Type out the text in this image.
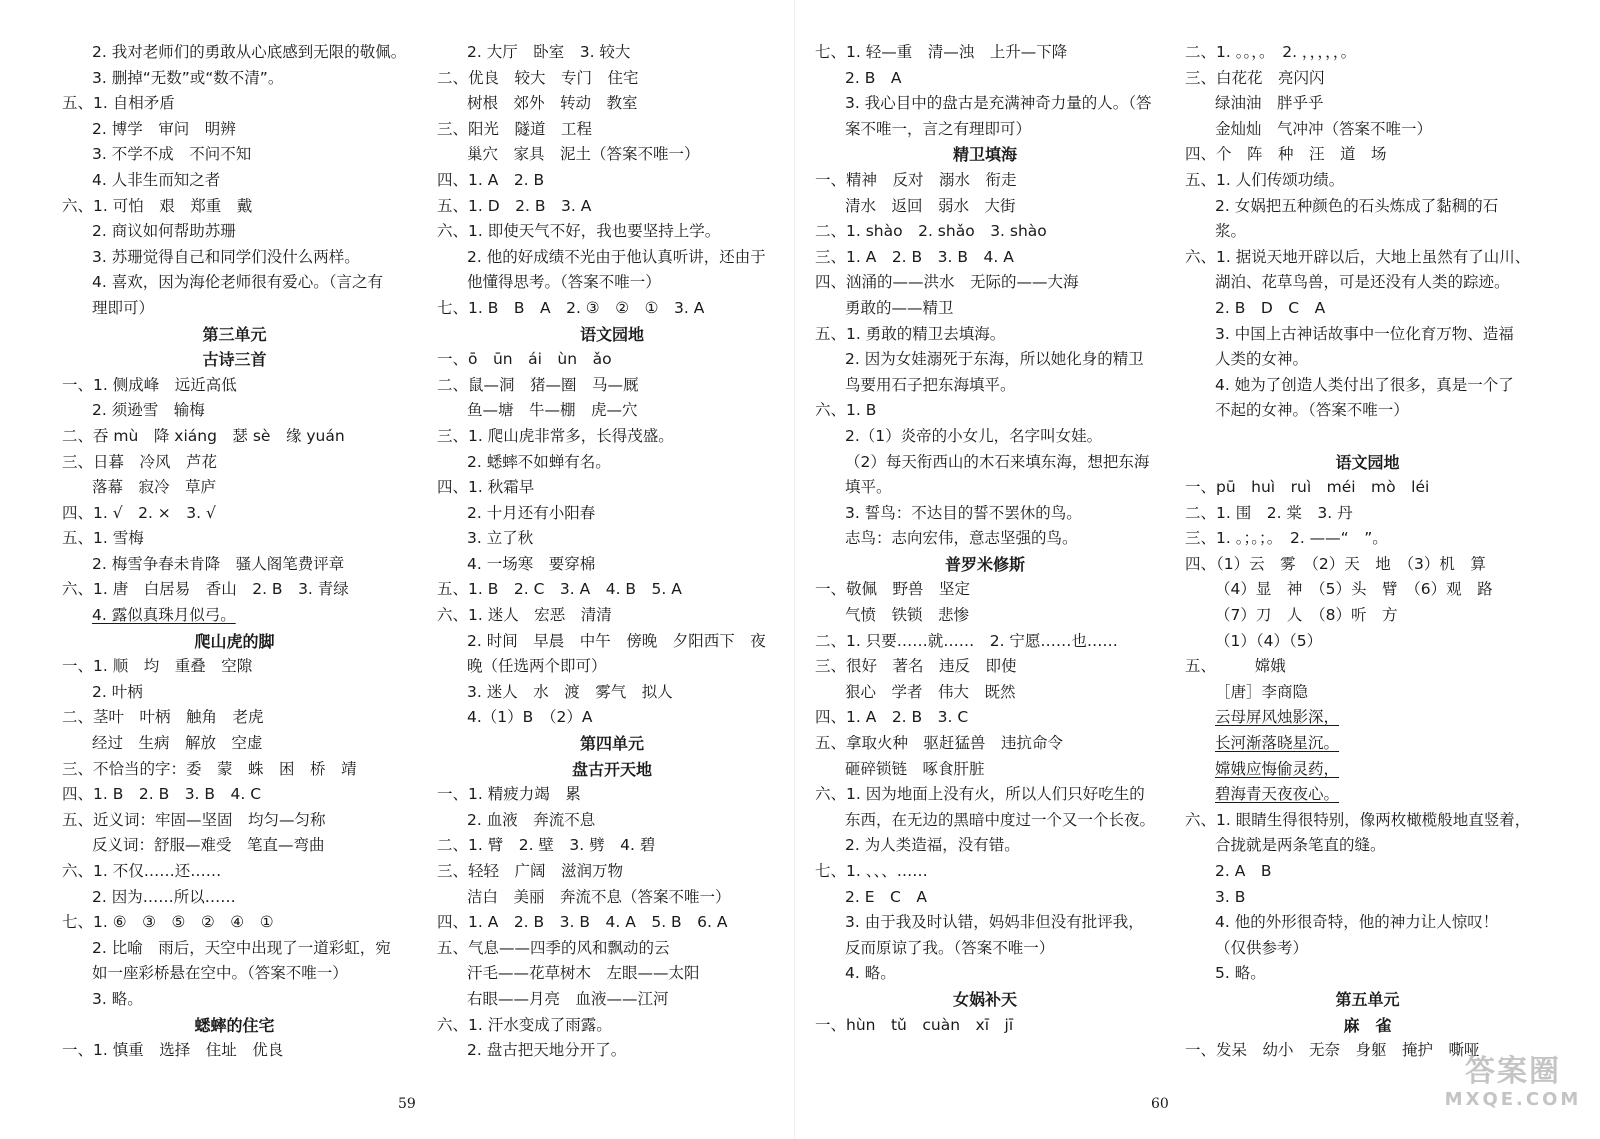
2. 我对老师们的勇敢从心底感到无限的敬佩。
3. 删掉“无数”或“数不清”。
五、1. 自相矛盾
2. 博学　审问　明辨
3. 不学不成　不问不知
4. 人非生而知之者
六、1. 可怕　艰　郑重　戴
2. 商议如何帮助苏珊
3. 苏珊觉得自己和同学们没什么两样。
4. 喜欢，因为海伦老师很有爱心。（言之有
理即可）
第三单元
古诗三首
一、1. 侧成峰　远近高低
2. 须逊雪　输梅
二、吞 mù　降 xiáng　瑟 sè　缘 yuán
三、日暮　冷风　芦花
落幕　寂冷　草庐
四、1. √　2. ×　3. √
五、1. 雪梅
2. 梅雪争春未肯降　骚人阁笔费评章
六、1. 唐　白居易　香山　2. B　3. 青绿
4. 露似真珠月似弓。
爬山虎的脚
一、1. 顺　均　重叠　空隙
2. 叶柄
二、茎叶　叶柄　触角　老虎
经过　生病　解放　空虚
三、不恰当的字：委　蒙　蛛　困　桥　靖
四、1. B　2. B　3. B　4. C
五、近义词：牢固—坚固　均匀—匀称
反义词：舒服—难受　笔直—弯曲
六、1. 不仅……还……
2. 因为……所以……
七、1. ⑥　③　⑤　②　④　①
2. 比喻　雨后，天空中出现了一道彩虹，宛
如一座彩桥悬在空中。（答案不唯一）
3. 略。
蟋蟀的住宅
一、1. 慎重　选择　住址　优良
2. 大厅　卧室　3. 较大
二、优良　较大　专门　住宅
树根　郊外　转动　教室
三、阳光　隧道　工程
巢穴　家具　泥土（答案不唯一）
四、1. A　2. B
五、1. D　2. B　3. A
六、1. 即使天气不好，我也要坚持上学。
2. 他的好成绩不光由于他认真听讲，还由于
他懂得思考。（答案不唯一）
七、1. B　B　A　2. ③　②　①　3. A
语文园地
一、ō　ūn　ái　ùn　ǎo
二、鼠—洞　猪—圈　马—厩
鱼—塘　牛—棚　虎—穴
三、1. 爬山虎非常多，长得茂盛。
2. 蟋蟀不如蝉有名。
四、1. 秋霜早
2. 十月还有小阳春
3. 立了秋
4. 一场寒　要穿棉
五、1. B　2. C　3. A　4. B　5. A
六、1. 迷人　宏恶　清清
2. 时间　早晨　中午　傍晚　夕阳西下　夜
晚（任选两个即可）
3. 迷人　水　渡　雾气　拟人
4.（1）B　（2）A
第四单元
盘古开天地
一、1. 精疲力竭　累
2. 血液　奔流不息
二、1. 臂　2. 壁　3. 劈　4. 碧
三、轻轻　广阔　滋润万物
洁白　美丽　奔流不息（答案不唯一）
四、1. A　2. B　3. B　4. A　5. B　6. A
五、气息——四季的风和飘动的云
汗毛——花草树木　左眼——太阳
右眼——月亮　血液——江河
六、1. 汗水变成了雨露。
2. 盘古把天地分开了。
59
七、1. 轻—重　清—浊　上升—下降
2. B　A
3. 我心目中的盘古是充满神奇力量的人。（答
案不唯一，言之有理即可）
精卫填海
一、精神　反对　溺水　衔走
清水　返回　弱水　大街
二、1. shào　2. shǎo　3. shào
三、1. A　2. B　3. B　4. A
四、汹涌的——洪水　无际的——大海
勇敢的——精卫
五、1. 勇敢的精卫去填海。
2. 因为女娃溺死于东海，所以她化身的精卫
鸟要用石子把东海填平。
六、1. B
2.（1）炎帝的小女儿，名字叫女娃。
（2）每天衔西山的木石来填东海，想把东海
填平。
3. 誓鸟：不达目的誓不罢休的鸟。
志鸟：志向宏伟，意志坚强的鸟。
普罗米修斯
一、敬佩　野兽　坚定
气愤　铁锁　悲惨
二、1. 只要……就……　2. 宁愿……也……
三、很好　著名　违反　即使
狠心　学者　伟大　既然
四、1. A　2. B　3. C
五、拿取火种　驱赶猛兽　违抗命令
砸碎锁链　啄食肝脏
六、1. 因为地面上没有火，所以人们只好吃生的
东西，在无边的黑暗中度过一个又一个长夜。
2. 为人类造福，没有错。
七、1. 、、、……
2. E　C　A
3. 由于我及时认错，妈妈非但没有批评我，
反而原谅了我。（答案不唯一）
4. 略。
女娲补天
一、hùn　tǔ　cuàn　xī　jī
二、1. 。。，。　2. ，，，，，。
三、白花花　亮闪闪
绿油油　胖乎乎
金灿灿　气冲冲（答案不唯一）
四、个　阵　种　汪　道　场
五、1. 人们传颂功绩。
2. 女娲把五种颜色的石头炼成了黏稠的石
浆。
六、1. 据说天地开辟以后，大地上虽然有了山川、
湖泊、花草鸟兽，可是还没有人类的踪迹。
2. B　D　C　A
3. 中国上古神话故事中一位化育万物、造福
人类的女神。
4. 她为了创造人类付出了很多，真是一个了
不起的女神。（答案不唯一）
语文园地
一、pū　huì　ruì　méi　mò　léi
二、1. 围　2. 棠　3. 丹
三、1. 。；。；。　2. ——“　”。
四、（1）云　雾　（2）天　地　（3）机　算
（4）显　神　（5）头　臂　（6）观　路
（7）刀　人　（8）听　方
（1）（4）（5）
五、　　　嫦娥
［唐］李商隐
云母屏风烛影深，
长河渐落晓星沉。
嫦娥应悔偷灵药，
碧海青天夜夜心。
六、1. 眼睛生得很特别，像两枚橄榄般地直竖着，
合拢就是两条笔直的缝。
2. A　B
3. B
4. 他的外形很奇特，他的神力让人惊叹！
（仅供参考）
5. 略。
第五单元
麻　雀
一、发呆　幼小　无奈　身躯　掩护　嘶哑
60
答案圈
MXQE.COM
